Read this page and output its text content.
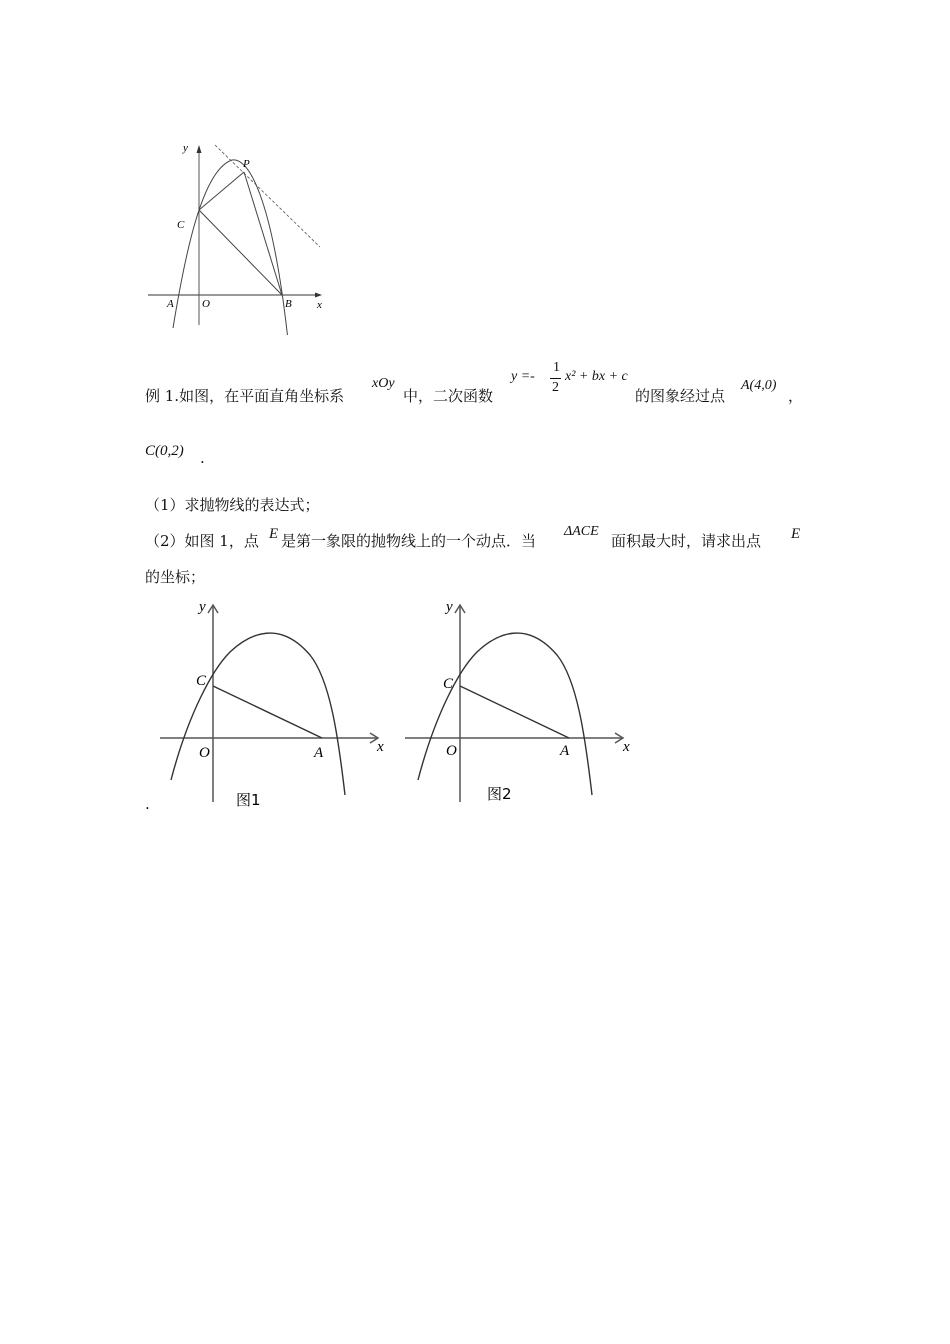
y
P
C
A	O	B x
例 1.如图，在平面直角坐标系
xOy
中，二次函数
y =-
1
2
x² + bx + c
的图象经过点
A(4,0)
，
C(0,2) .
（1）求抛物线的表达式；
（2）如图 1，点 E 是第一象限的抛物线上的一个动点．当
ΔACE
面积最大时，请求出点 E
的坐标；
C
O	A
y
x
图1
C
O	A
y
x
图2
.
